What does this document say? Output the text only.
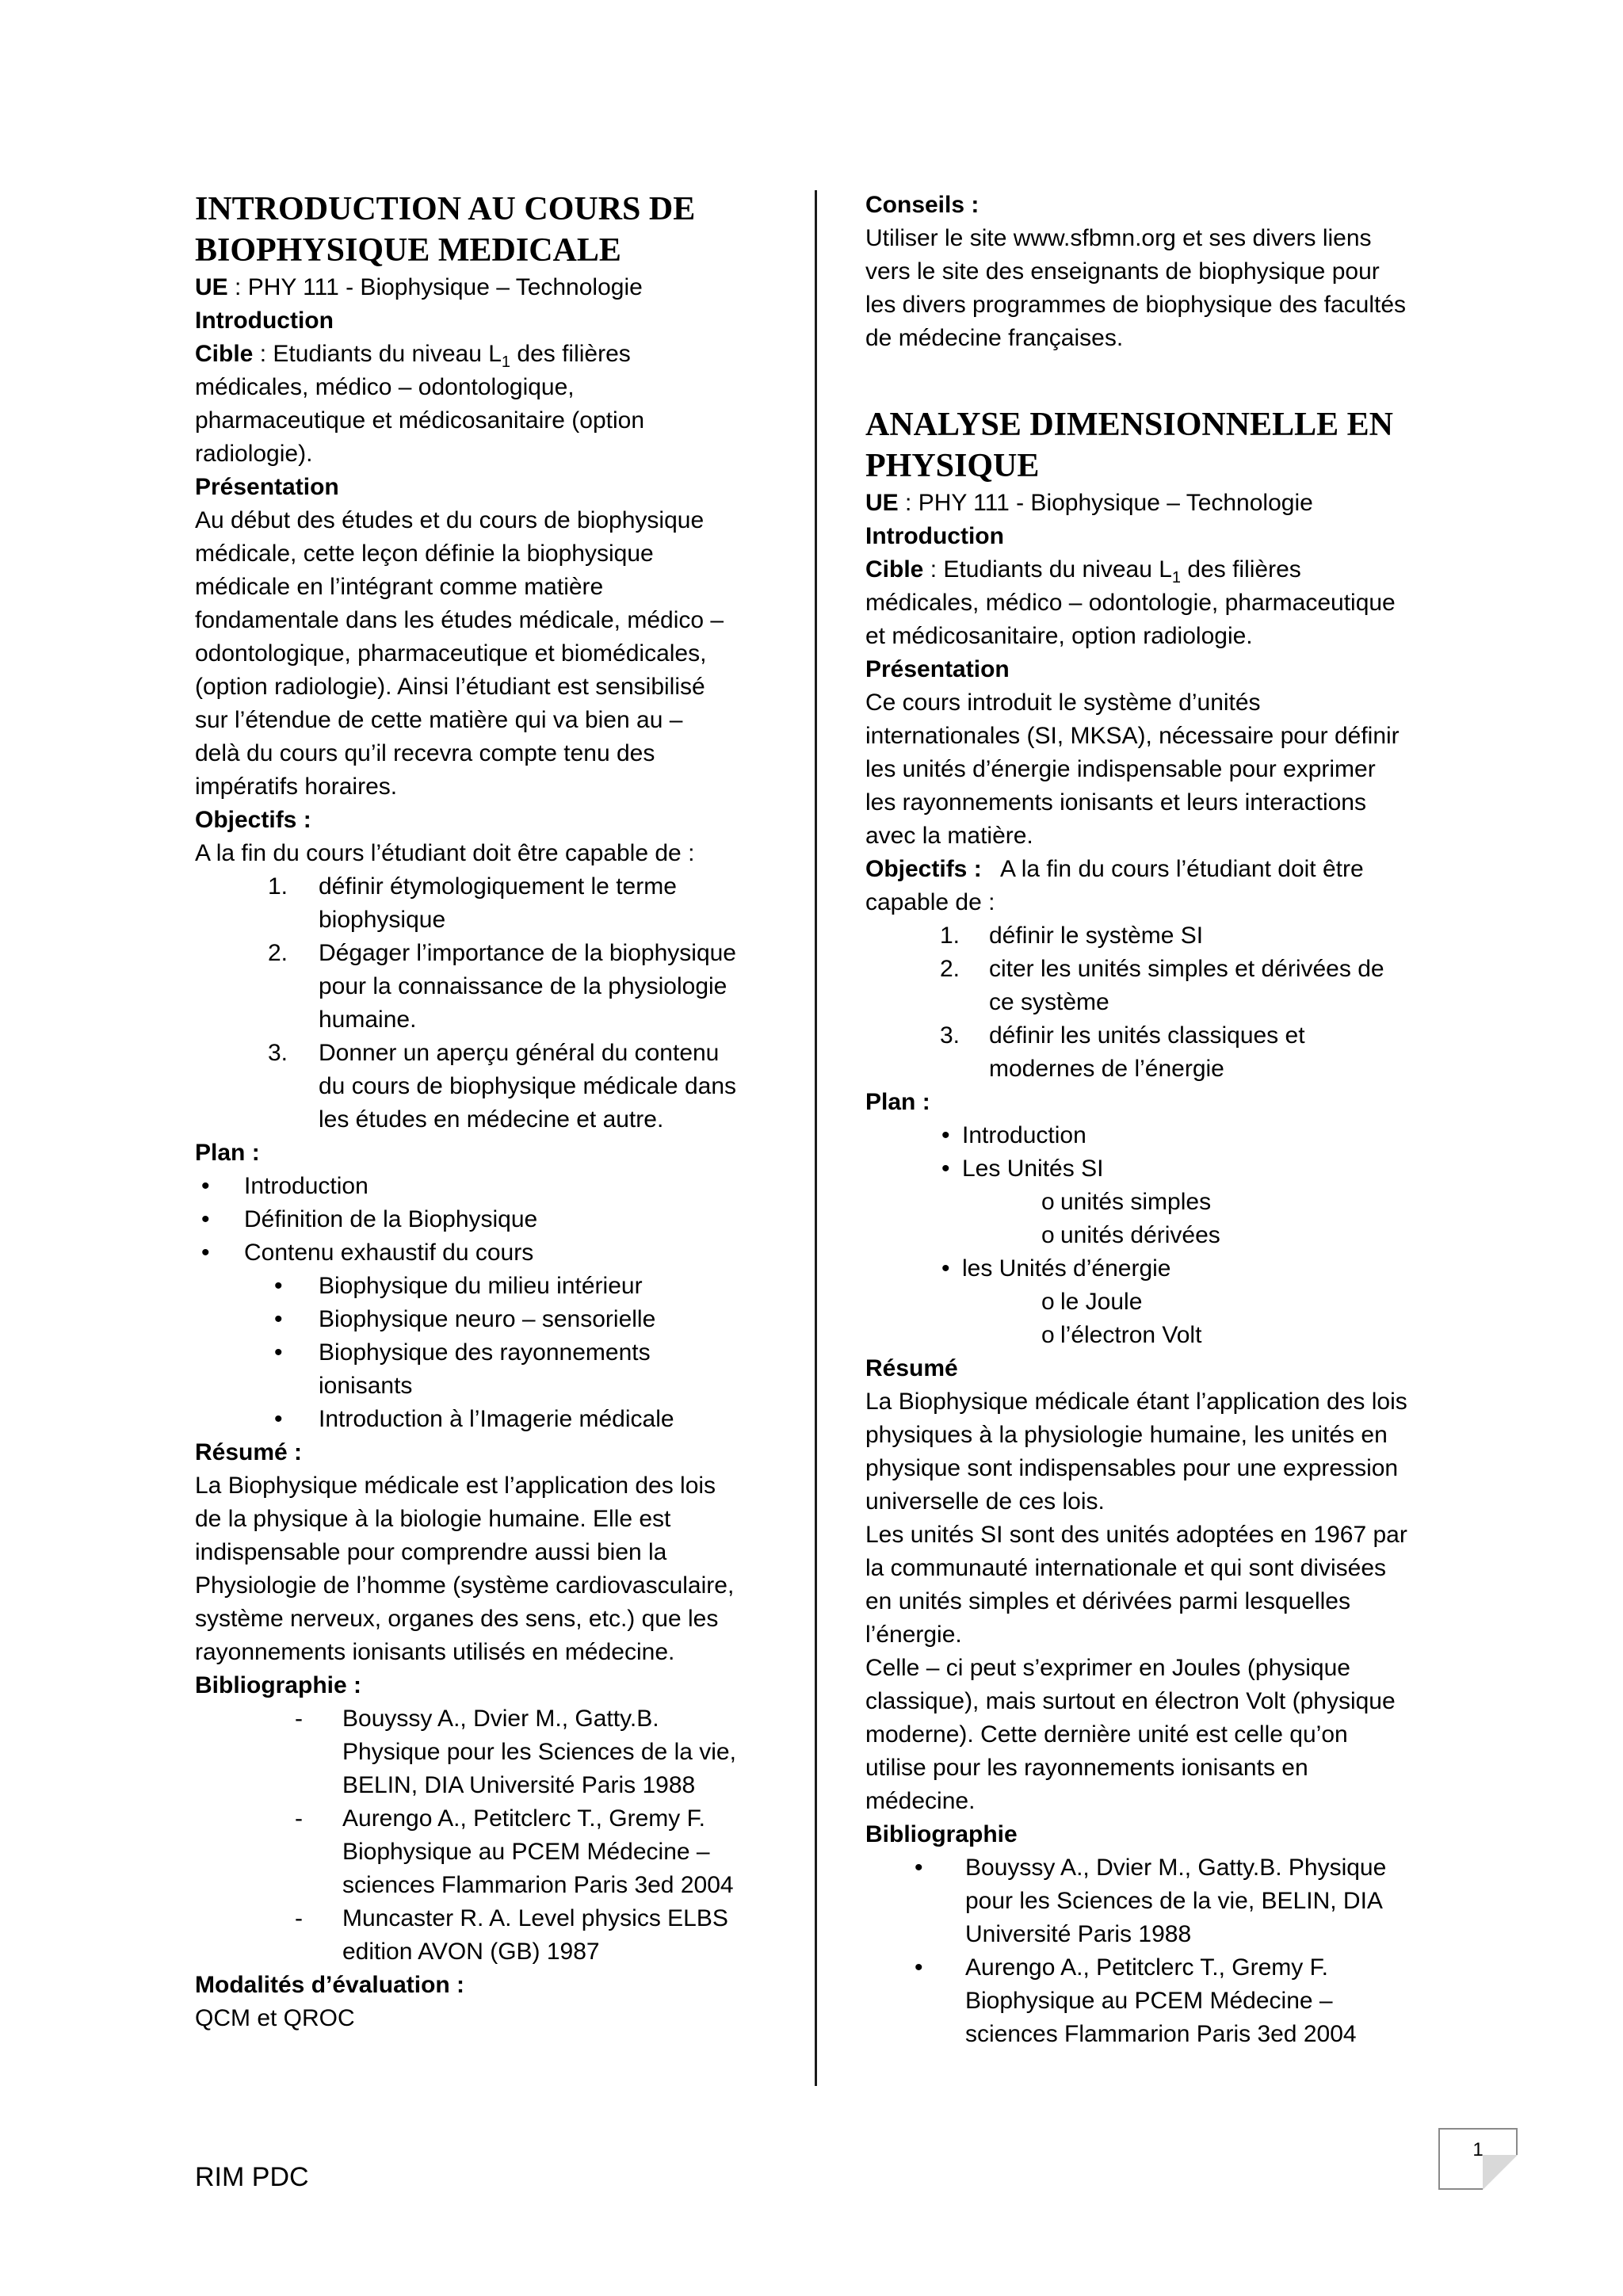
INTRODUCTION AU COURS DE
BIOPHYSIQUE MEDICALE
UE : PHY 111 - Biophysique – Technologie
Introduction
Cible : Etudiants du niveau $L_1$ des filières
médicales, médico – odontologique,
pharmaceutique et médicosanitaire (option
radiologie).
Présentation
Au début des études et du cours de biophysique
médicale, cette leçon définie la biophysique
médicale en l’intégrant comme matière
fondamentale dans les études médicale, médico –
odontologique, pharmaceutique et biomédicales,
(option radiologie). Ainsi l’étudiant est sensibilisé
sur l’étendue de cette matière qui va bien au –
delà du cours qu’il recevra compte tenu des
impératifs horaires.
Objectifs :
A la fin du cours l’étudiant doit être capable de :
1. définir étymologiquement le terme
biophysique
2. Dégager l’importance de la biophysique
pour la connaissance de la physiologie
humaine.
3. Donner un aperçu général du contenu
du cours de biophysique médicale dans
les études en médecine et autre.
Plan :
• Introduction
• Définition de la Biophysique
• Contenu exhaustif du cours
• Biophysique du milieu intérieur
• Biophysique neuro – sensorielle
• Biophysique des rayonnements
ionisants
• Introduction à l’Imagerie médicale
Résumé :
La Biophysique médicale est l’application des lois
de la physique à la biologie humaine. Elle est
indispensable pour comprendre aussi bien la
Physiologie de l’homme (système cardiovasculaire,
système nerveux, organes des sens, etc.) que les
rayonnements ionisants utilisés en médecine.
Bibliographie :
- Bouyssy A., Dvier M., Gatty.B.
Physique pour les Sciences de la vie,
BELIN, DIA Université Paris 1988
- Aurengo A., Petitclerc T., Gremy F.
Biophysique au PCEM Médecine –
sciences Flammarion Paris 3ed 2004
- Muncaster R. A. Level physics ELBS
edition AVON (GB) 1987
Modalités d’évaluation :
QCM et QROC
Conseils :
Utiliser le site www.sfbmn.org et ses divers liens
vers le site des enseignants de biophysique pour
les divers programmes de biophysique des facultés
de médecine françaises.
ANALYSE DIMENSIONNELLE EN
PHYSIQUE
UE : PHY 111 - Biophysique – Technologie
Introduction
Cible : Etudiants du niveau $L_1$ des filières
médicales, médico – odontologie, pharmaceutique
et médicosanitaire, option radiologie.
Présentation
Ce cours introduit le système d’unités
internationales (SI, MKSA), nécessaire pour définir
les unités d’énergie indispensable pour exprimer
les rayonnements ionisants et leurs interactions
avec la matière.
Objectifs :   A la fin du cours l’étudiant doit être
capable de :
1. définir le système SI
2. citer les unités simples et dérivées de
ce système
3. définir les unités classiques et
modernes de l’énergie
Plan :
• Introduction
• Les Unités SI
o unités simples
o unités dérivées
• les Unités d’énergie
o le Joule
o l’électron Volt
Résumé
La Biophysique médicale étant l’application des lois
physiques à la physiologie humaine, les unités en
physique sont indispensables pour une expression
universelle de ces lois.
Les unités SI sont des unités adoptées en 1967 par
la communauté internationale et qui sont divisées
en unités simples et dérivées parmi lesquelles
l’énergie.
Celle – ci peut s’exprimer en Joules (physique
classique), mais surtout en électron Volt (physique
moderne). Cette dernière unité est celle qu’on
utilise pour les rayonnements ionisants en
médecine.
Bibliographie
• Bouyssy A., Dvier M., Gatty.B. Physique
pour les Sciences de la vie, BELIN, DIA
Université Paris 1988
• Aurengo A., Petitclerc T., Gremy F.
Biophysique au PCEM Médecine –
sciences Flammarion Paris 3ed 2004
RIM PDC
1
